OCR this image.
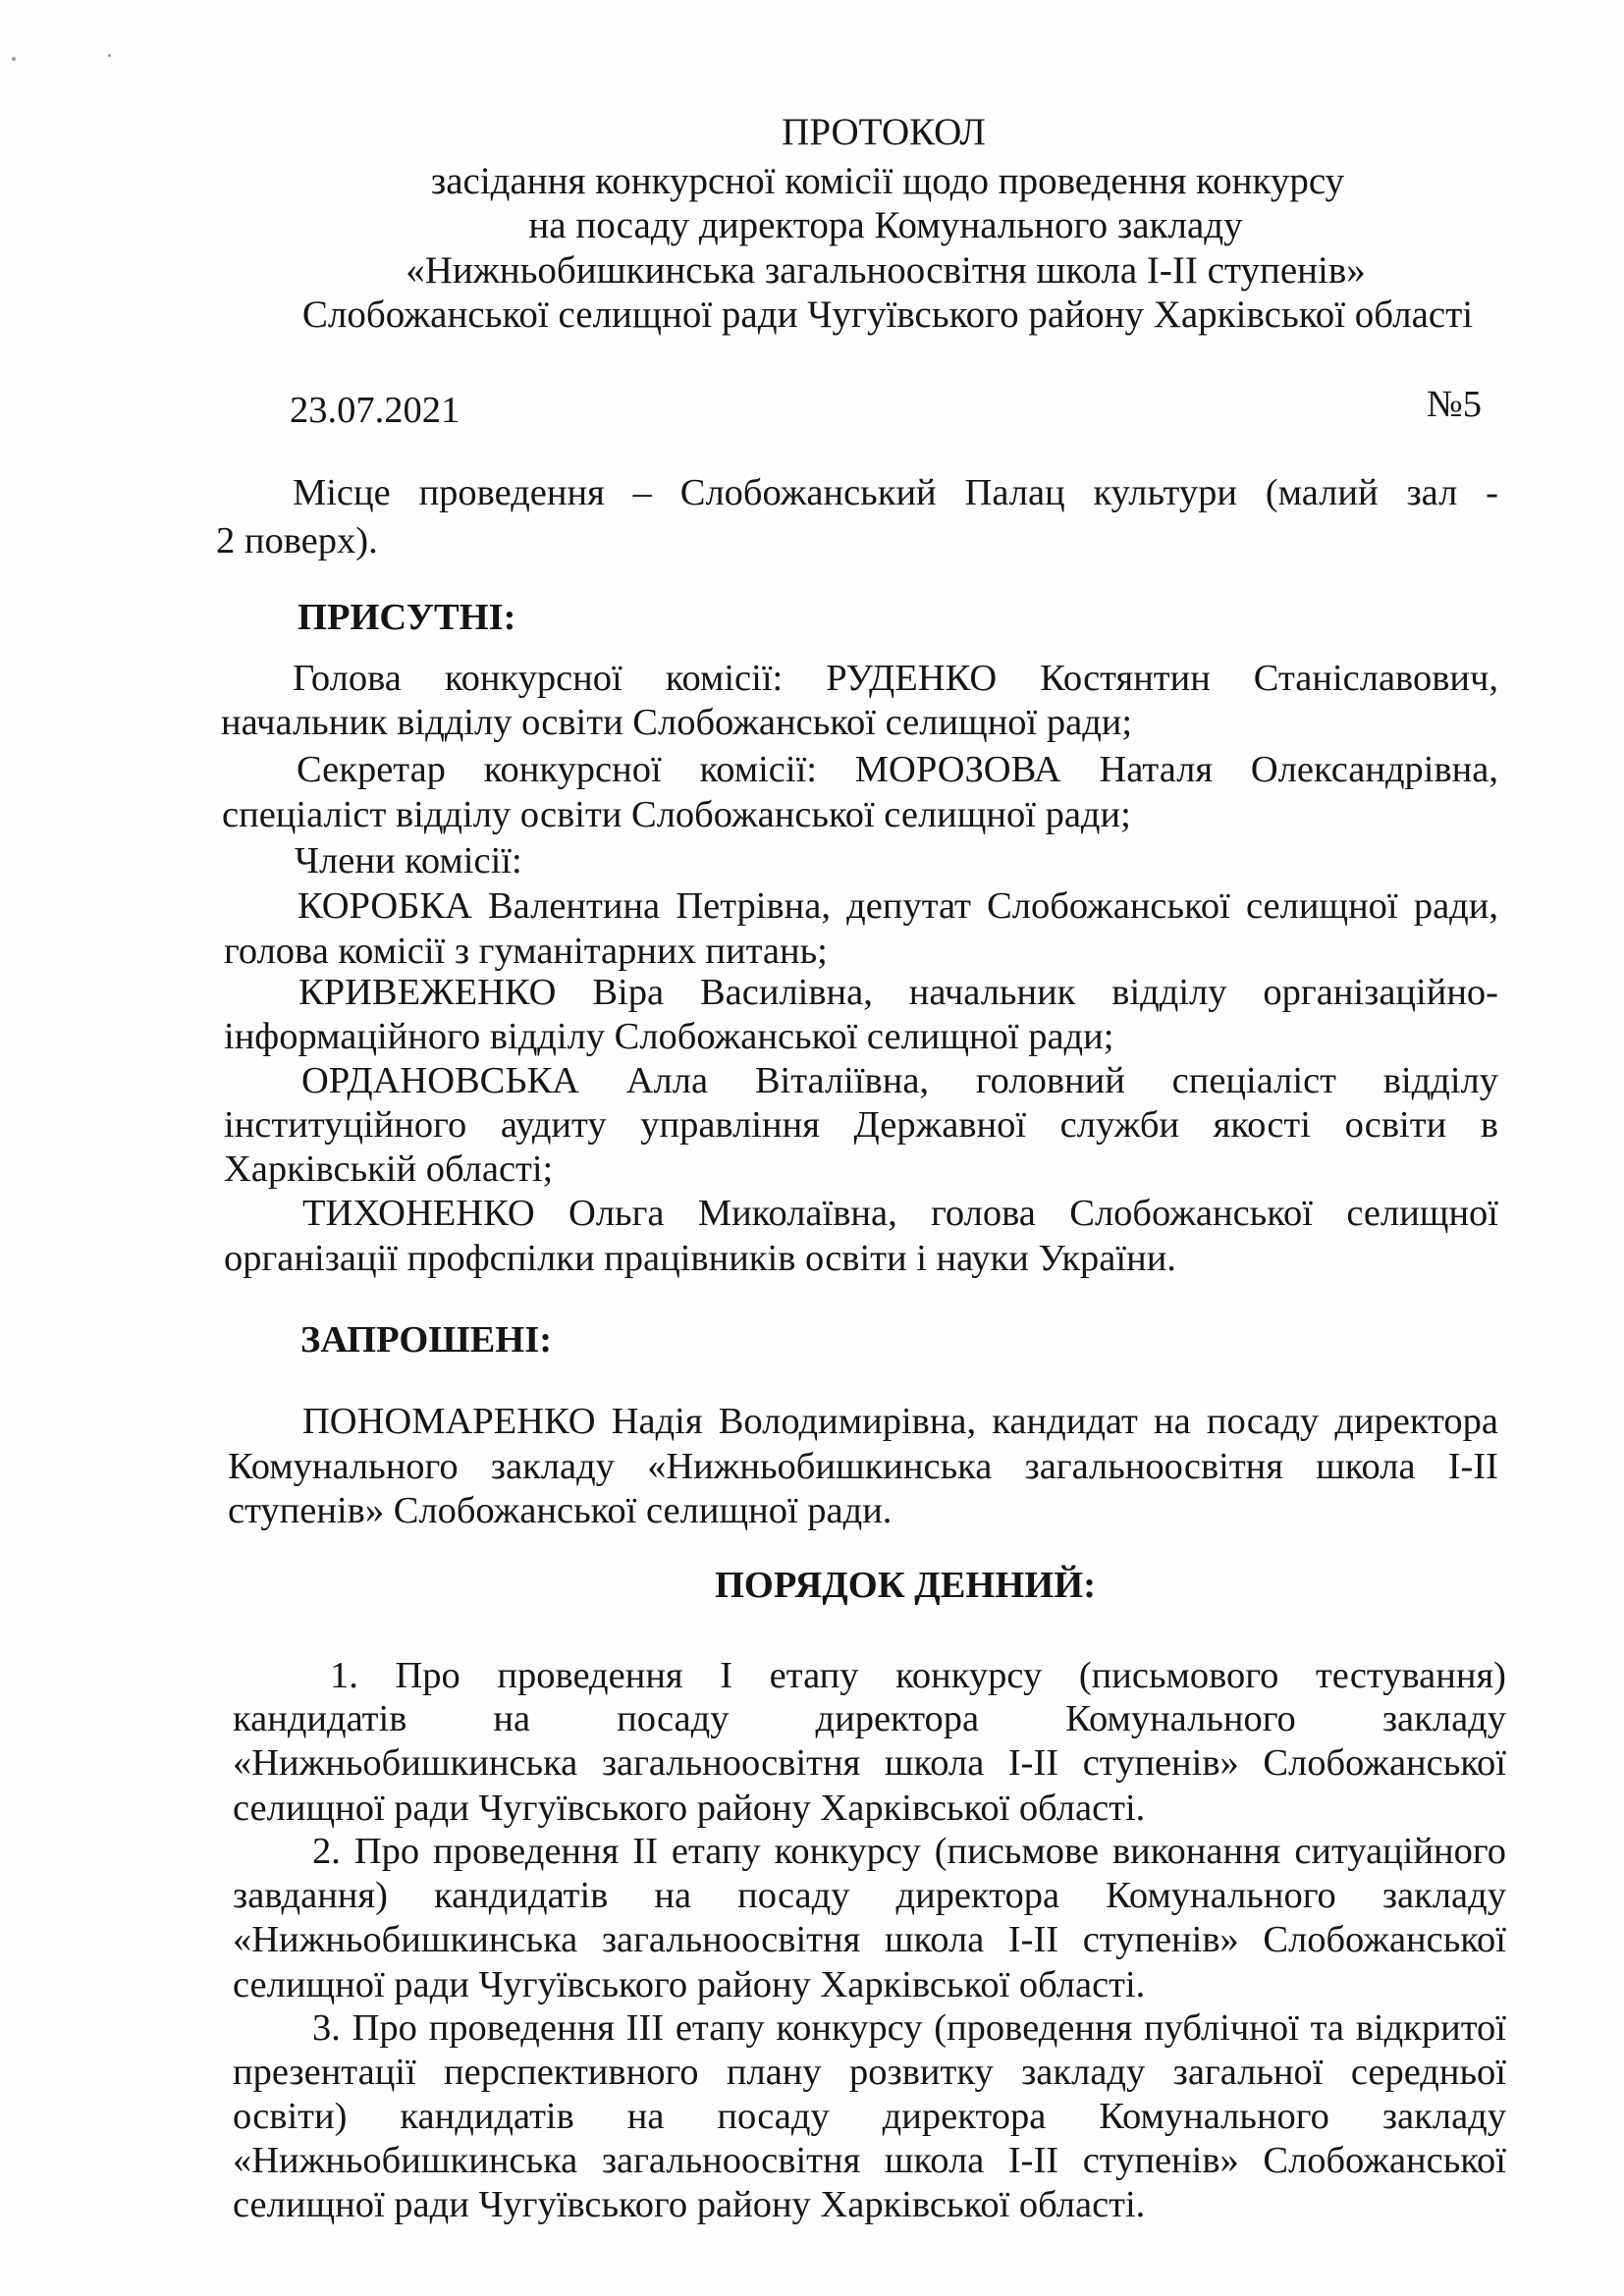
ПРОТОКОЛ
засідання конкурсної комісії щодо проведення конкурсу
на посаду директора Комунального закладу
«Нижньобишкинська загальноосвітня школа І-ІІ ступенів»
Слобожанської селищної ради Чугуївського району Харківської області
23.07.2021	№5
Місце проведення – Слобожанський Палац культури (малий зал -
2 поверх).
ПРИСУТНІ:
Голова конкурсної комісії: РУДЕНКО Костянтин Станіславович,
начальник відділу освіти Слобожанської селищної ради;
Секретар конкурсної комісії: МОРОЗОВА Наталя Олександрівна,
спеціаліст відділу освіти Слобожанської селищної ради;
Члени комісії:
КОРОБКА Валентина Петрівна, депутат Слобожанської селищної ради,
голова комісії з гуманітарних питань;
КРИВЕЖЕНКО Віра Василівна, начальник відділу організаційно-
інформаційного відділу Слобожанської селищної ради;
ОРДАНОВСЬКА Алла Віталіївна, головний спеціаліст відділу
інституційного аудиту управління Державної служби якості освіти в
Харківській області;
ТИХОНЕНКО Ольга Миколаївна, голова Слобожанської селищної
організації профспілки працівників освіти і науки України.
ЗАПРОШЕНІ:
ПОНОМАРЕНКО Надія Володимирівна, кандидат на посаду директора
Комунального закладу «Нижньобишкинська загальноосвітня школа І-ІІ
ступенів» Слобожанської селищної ради.
ПОРЯДОК ДЕННИЙ:
1. Про проведення І етапу конкурсу (письмового тестування)
кандидатів на посаду директора Комунального закладу
«Нижньобишкинська загальноосвітня школа І-ІІ ступенів» Слобожанської
селищної ради Чугуївського району Харківської області.
2. Про проведення ІІ етапу конкурсу (письмове виконання ситуаційного
завдання) кандидатів на посаду директора Комунального закладу
«Нижньобишкинська загальноосвітня школа І-ІІ ступенів» Слобожанської
селищної ради Чугуївського району Харківської області.
3. Про проведення ІІІ етапу конкурсу (проведення публічної та відкритої
презентації перспективного плану розвитку закладу загальної середньої
освіти) кандидатів на посаду директора Комунального закладу
«Нижньобишкинська загальноосвітня школа І-ІІ ступенів» Слобожанської
селищної ради Чугуївського району Харківської області.
